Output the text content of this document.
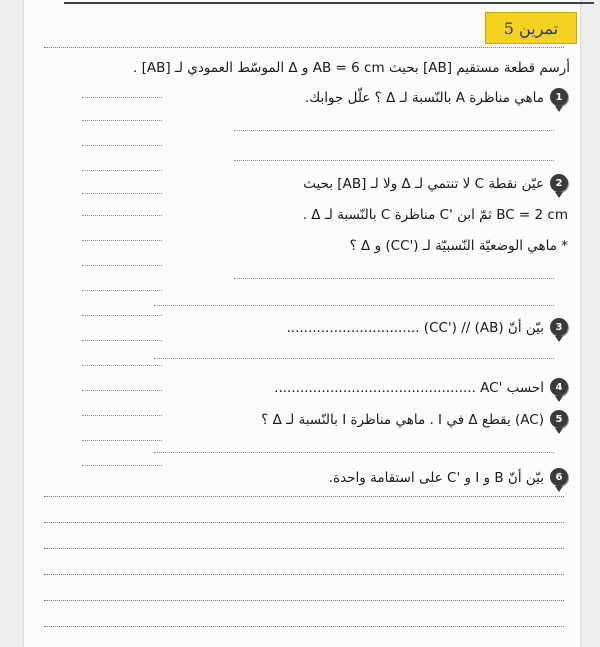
تمرين 5
أرسم قطعة مستقيم [AB] بحيث AB = 6 cm و Δ الموسّط العمودي لـ [AB] .
1
ماهي مناظرة A بالنّسبة لـ Δ ؟ علّل جوابك.
2
عيّن نقطة C لا تنتمي لـ Δ ولا لـ [AB] بحيث
BC = 2 cm ثمّ ابن 'C مناظرة C بالنّسبة لـ Δ .
* ماهي الوضعيّة النّسبيّة لـ ('CC) و Δ ؟
3
بيّن أنّ (AB) // ('CC) ...............................
4
احسب 'AC ...............................................
5
(AC) يقطع Δ في I . ماهي مناظرة I بالنّسبة لـ Δ ؟
6
بيّن أنّ B و I و 'C على استقامة واحدة.
